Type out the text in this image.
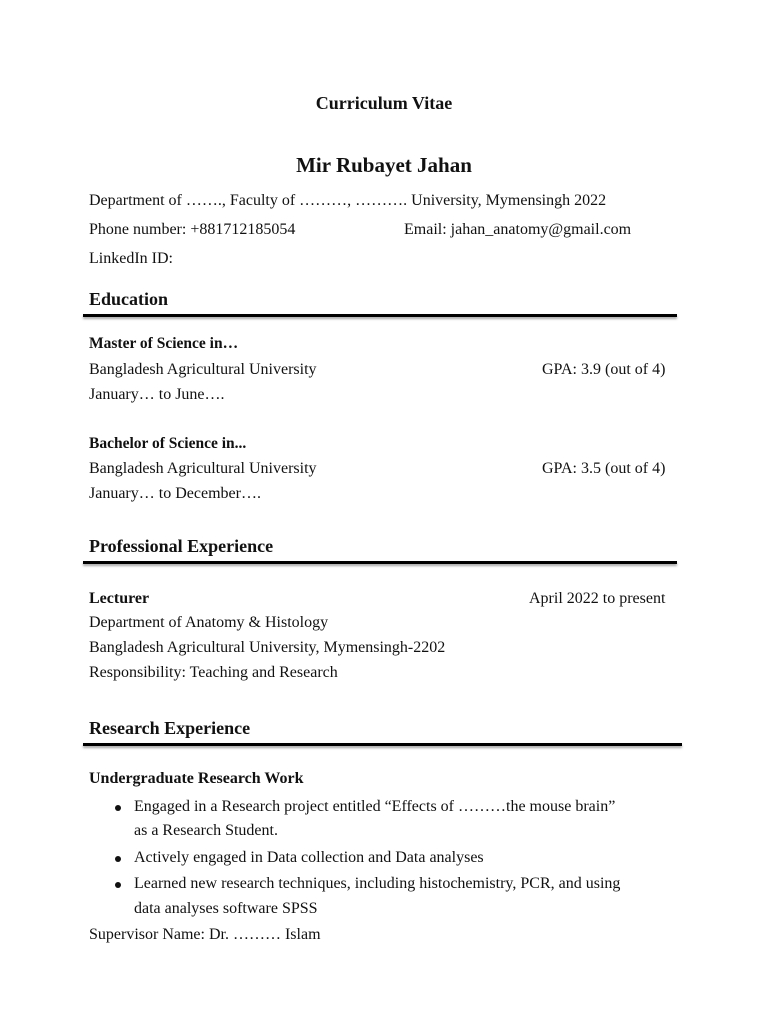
Curriculum Vitae
Mir Rubayet Jahan
Department of ……., Faculty of ………, ………. University, Mymensingh 2022
Phone number: +881712185054	Email: jahan_anatomy@gmail.com
LinkedIn ID:
Education
Master of Science in…
Bangladesh Agricultural University	GPA: 3.9 (out of 4)
January… to June….
Bachelor of Science in...
Bangladesh Agricultural University	GPA: 3.5 (out of 4)
January… to December….
Professional Experience
Lecturer	April 2022 to present
Department of Anatomy & Histology
Bangladesh Agricultural University, Mymensingh-2202
Responsibility: Teaching and Research
Research Experience
Undergraduate Research Work
Engaged in a Research project entitled “Effects of ………the mouse brain”
as a Research Student.
Actively engaged in Data collection and Data analyses
Learned new research techniques, including histochemistry, PCR, and using
data analyses software SPSS
Supervisor Name: Dr. ……… Islam
